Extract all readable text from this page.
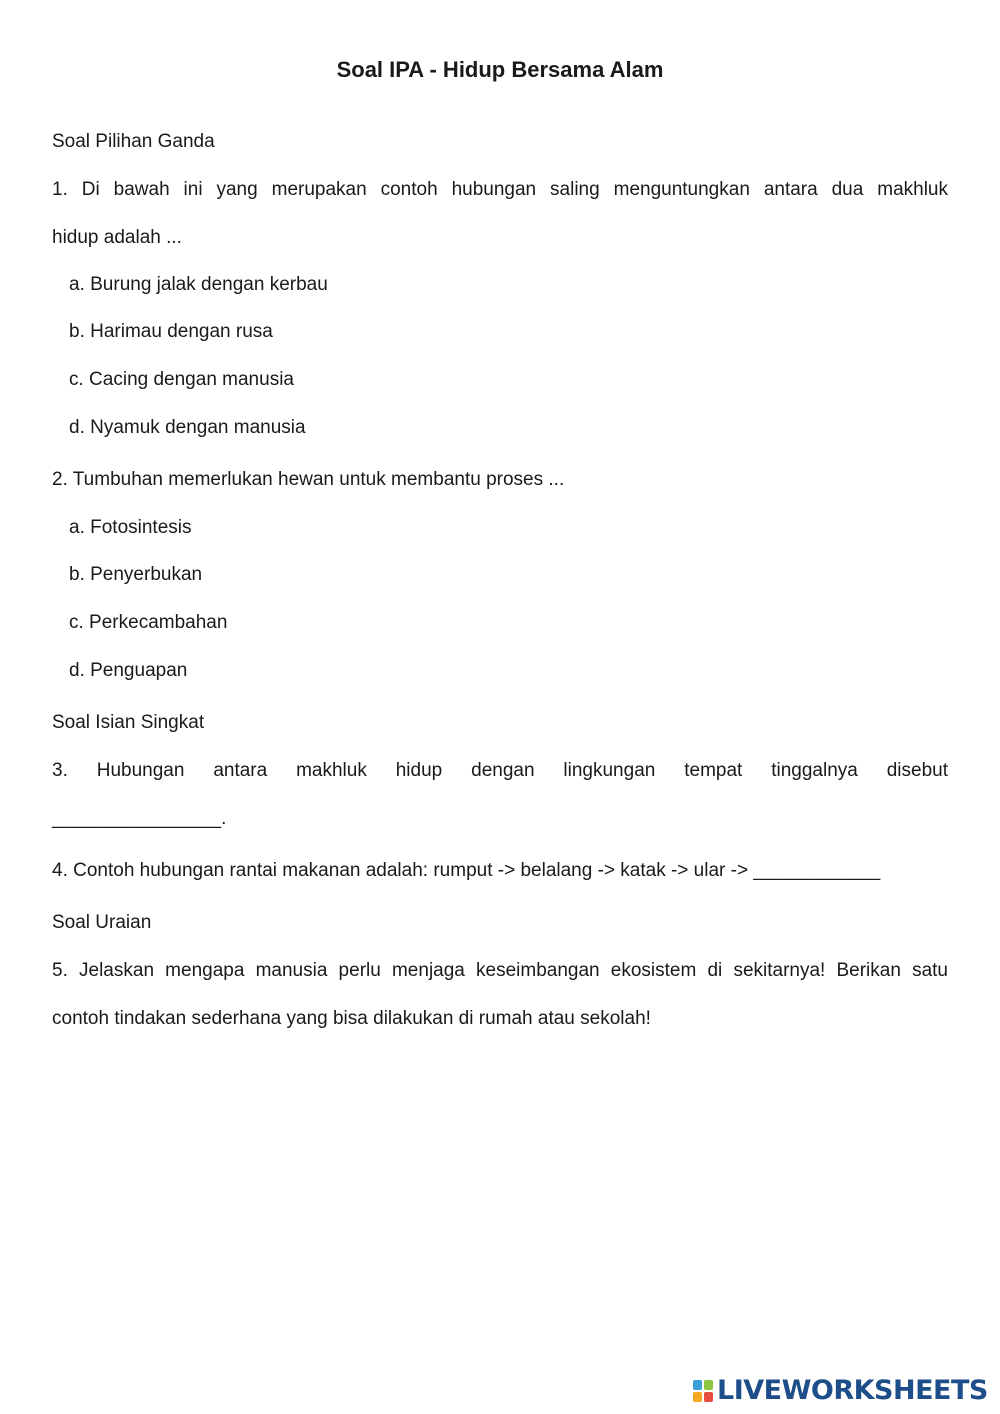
Soal IPA - Hidup Bersama Alam
Soal Pilihan Ganda
1. Di bawah ini yang merupakan contoh hubungan saling menguntungkan antara dua makhluk
hidup adalah ...
a. Burung jalak dengan kerbau
b. Harimau dengan rusa
c. Cacing dengan manusia
d. Nyamuk dengan manusia
2. Tumbuhan memerlukan hewan untuk membantu proses ...
a. Fotosintesis
b. Penyerbukan
c. Perkecambahan
d. Penguapan
Soal Isian Singkat
3. Hubungan antara makhluk hidup dengan lingkungan tempat tinggalnya disebut
________________.
4. Contoh hubungan rantai makanan adalah: rumput -> belalang -> katak -> ular -> ____________
Soal Uraian
5. Jelaskan mengapa manusia perlu menjaga keseimbangan ekosistem di sekitarnya! Berikan satu
contoh tindakan sederhana yang bisa dilakukan di rumah atau sekolah!
LIVEWORKSHEETS
